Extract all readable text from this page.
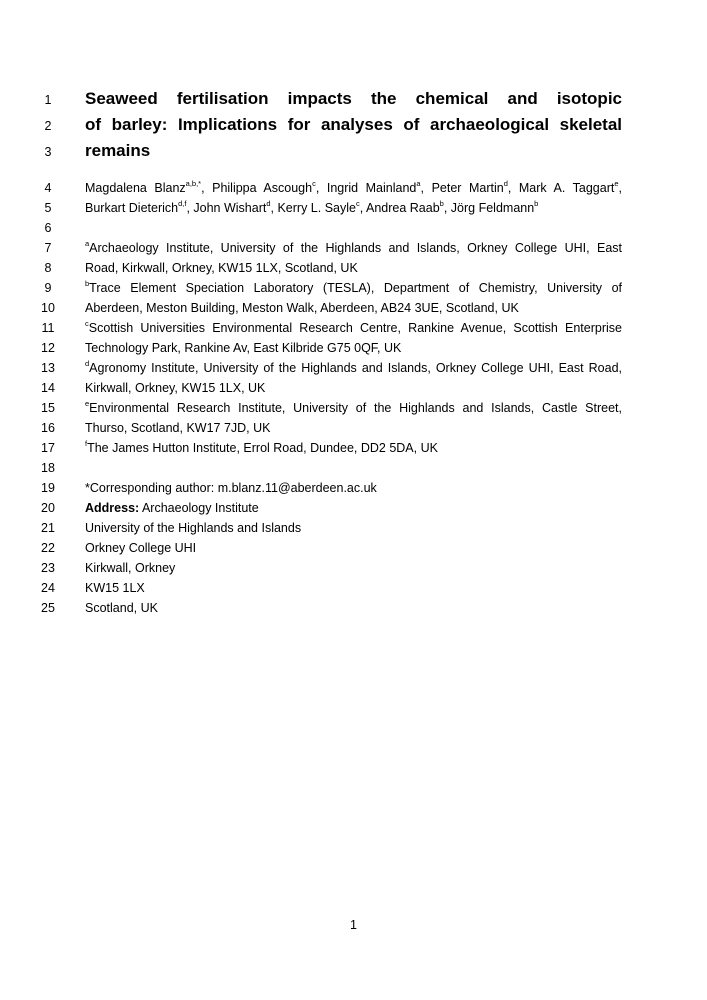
1	Seaweed fertilisation impacts the chemical and isotopic
2	of barley: Implications for analyses of archaeological skeletal
3	remains
4	Magdalena Blanz$^{a,b,*}$, Philippa Ascough$^c$, Ingrid Mainland$^a$, Peter Martin$^d$, Mark A. Taggart$^e$,
5	Burkart Dieterich$^{d,f}$, John Wishart$^d$, Kerry L. Sayle$^c$, Andrea Raab$^b$, Jörg Feldmann$^b$
6
7	$^a$Archaeology Institute, University of the Highlands and Islands, Orkney College UHI, East
8	Road, Kirkwall, Orkney, KW15 1LX, Scotland, UK
9	$^b$Trace Element Speciation Laboratory (TESLA), Department of Chemistry, University of
10	Aberdeen, Meston Building, Meston Walk, Aberdeen, AB24 3UE, Scotland, UK
11	$^c$Scottish Universities Environmental Research Centre, Rankine Avenue, Scottish Enterprise
12	Technology Park, Rankine Av, East Kilbride G75 0QF, UK
13	$^d$Agronomy Institute, University of the Highlands and Islands, Orkney College UHI, East Road,
14	Kirkwall, Orkney, KW15 1LX, UK
15	$^e$Environmental Research Institute, University of the Highlands and Islands, Castle Street,
16	Thurso, Scotland, KW17 7JD, UK
17	$^f$The James Hutton Institute, Errol Road, Dundee, DD2 5DA, UK
18
19	*Corresponding author: m.blanz.11@aberdeen.ac.uk
20	Address: Archaeology Institute
21	University of the Highlands and Islands
22	Orkney College UHI
23	Kirkwall, Orkney
24	KW15 1LX
25	Scotland, UK
1
